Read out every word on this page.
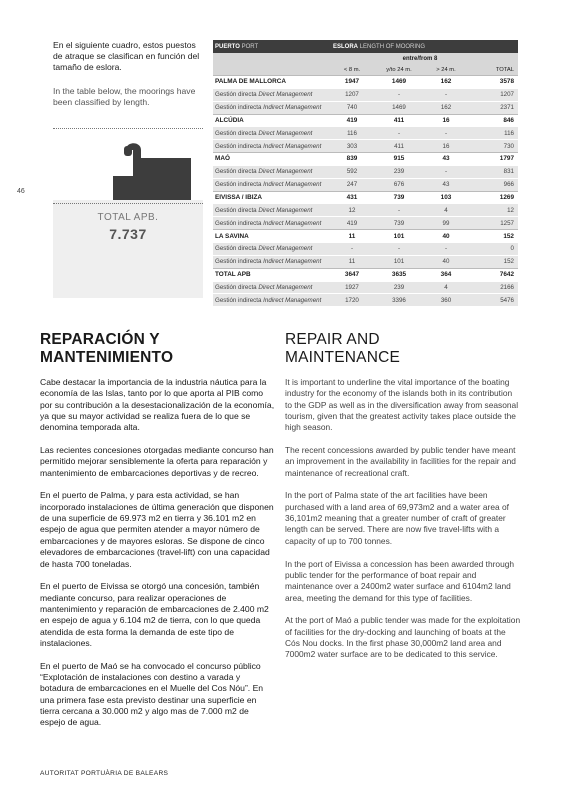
En el siguiente cuadro, estos puestos de atraque se clasifican en función del tamaño de eslora.
In the table below, the moorings have been classified by length.
46
TOTAL APB.
7.737
PUERTO PORT	ESLORA LENGTH OF MOORING			
		entre/from 8		
	< 8 m.	y/to 24 m.	> 24 m.	TOTAL
PALMA DE MALLORCA	1947	1469	162	3578
Gestión directa Direct Management	1207	-	-	1207
Gestión indirecta Indirect Management	740	1469	162	2371
ALCÚDIA	419	411	16	846
Gestión directa Direct Management	116	-	-	116
Gestión indirecta Indirect Management	303	411	16	730
MAÓ	839	915	43	1797
Gestión directa Direct Management	592	239	-	831
Gestión indirecta Indirect Management	247	676	43	966
EIVISSA / IBIZA	431	739	103	1269
Gestión directa Direct Management	12	-	4	12
Gestión indirecta Indirect Management	419	739	99	1257
LA SAVINA	11	101	40	152
Gestión directa Direct Management	-	-	-	0
Gestión indirecta Indirect Management	11	101	40	152
TOTAL APB	3647	3635	364	7642
Gestión directa Direct Management	1927	239	4	2166
Gestión indirecta Indirect Management	1720	3396	360	5476
REPARACIÓN Y
MANTENIMIENTO

Cabe destacar la importancia de la industria náutica para la economía de las Islas, tanto por lo que aporta al PIB como por su contribución a la desestacionalización de la economía, ya que su mayor actividad se realiza fuera de lo que se denomina temporada alta.

Las recientes concesiones otorgadas mediante concurso han permitido mejorar sensiblemente la oferta para reparación y mantenimiento de embarcaciones deportivas y de recreo.

En el puerto de Palma, y para esta actividad, se han incorporado instalaciones de última generación que disponen de una superficie de 69.973 m2 en tierra y 36.101 m2 en espejo de agua que permiten atender a mayor número de embarcaciones y de mayores esloras. Se dispone de cinco elevadores de embarcaciones (travel-lift) con una capacidad de hasta 700 toneladas.

En el puerto de Eivissa se otorgó una concesión, también mediante concurso, para realizar operaciones de mantenimiento y reparación de embarcaciones de 2.400 m2 en espejo de agua y 6.104 m2 de tierra, con lo que queda atendida de esta forma la demanda de este tipo de instalaciones.

En el puerto de Maó se ha convocado el concurso público “Explotación de instalaciones con destino a varada y botadura de embarcaciones en el Muelle del Cos Nóu”. En una primera fase esta previsto destinar una superficie en tierra cercana a 30.000 m2 y algo mas de 7.000 m2 de espejo de agua.

REPAIR AND
MAINTENANCE

It is important to underline the vital importance of the boating industry for the economy of the islands both in its contribution to the GDP as well as in the diversification away from seasonal tourism, given that the greatest activity takes place outside the high season.

The recent concessions awarded by public tender have meant an improvement in the availability in facilities for the repair and maintenance of recreational craft.

In the port of Palma state of the art facilities have been purchased with a land area of 69,973m2 and a water area of 36,101m2 meaning that a greater number of craft of greater length can be served. There are now five travel-lifts with a capacity of up to 700 tonnes.

In the port of Eivissa a concession has been awarded through public tender for the performance of boat repair and maintenance over a 2400m2 water surface and 6104m2 land area, meeting the demand for this type of facilities.

At the port of Maó a public tender was made for the exploitation of facilities for the dry-docking and launching of boats at the Cós Nou docks. In the first phase 30,000m2 land area and 7000m2 water surface are to be dedicated to this service.

AUTORITAT PORTUÀRIA DE BALEARS
